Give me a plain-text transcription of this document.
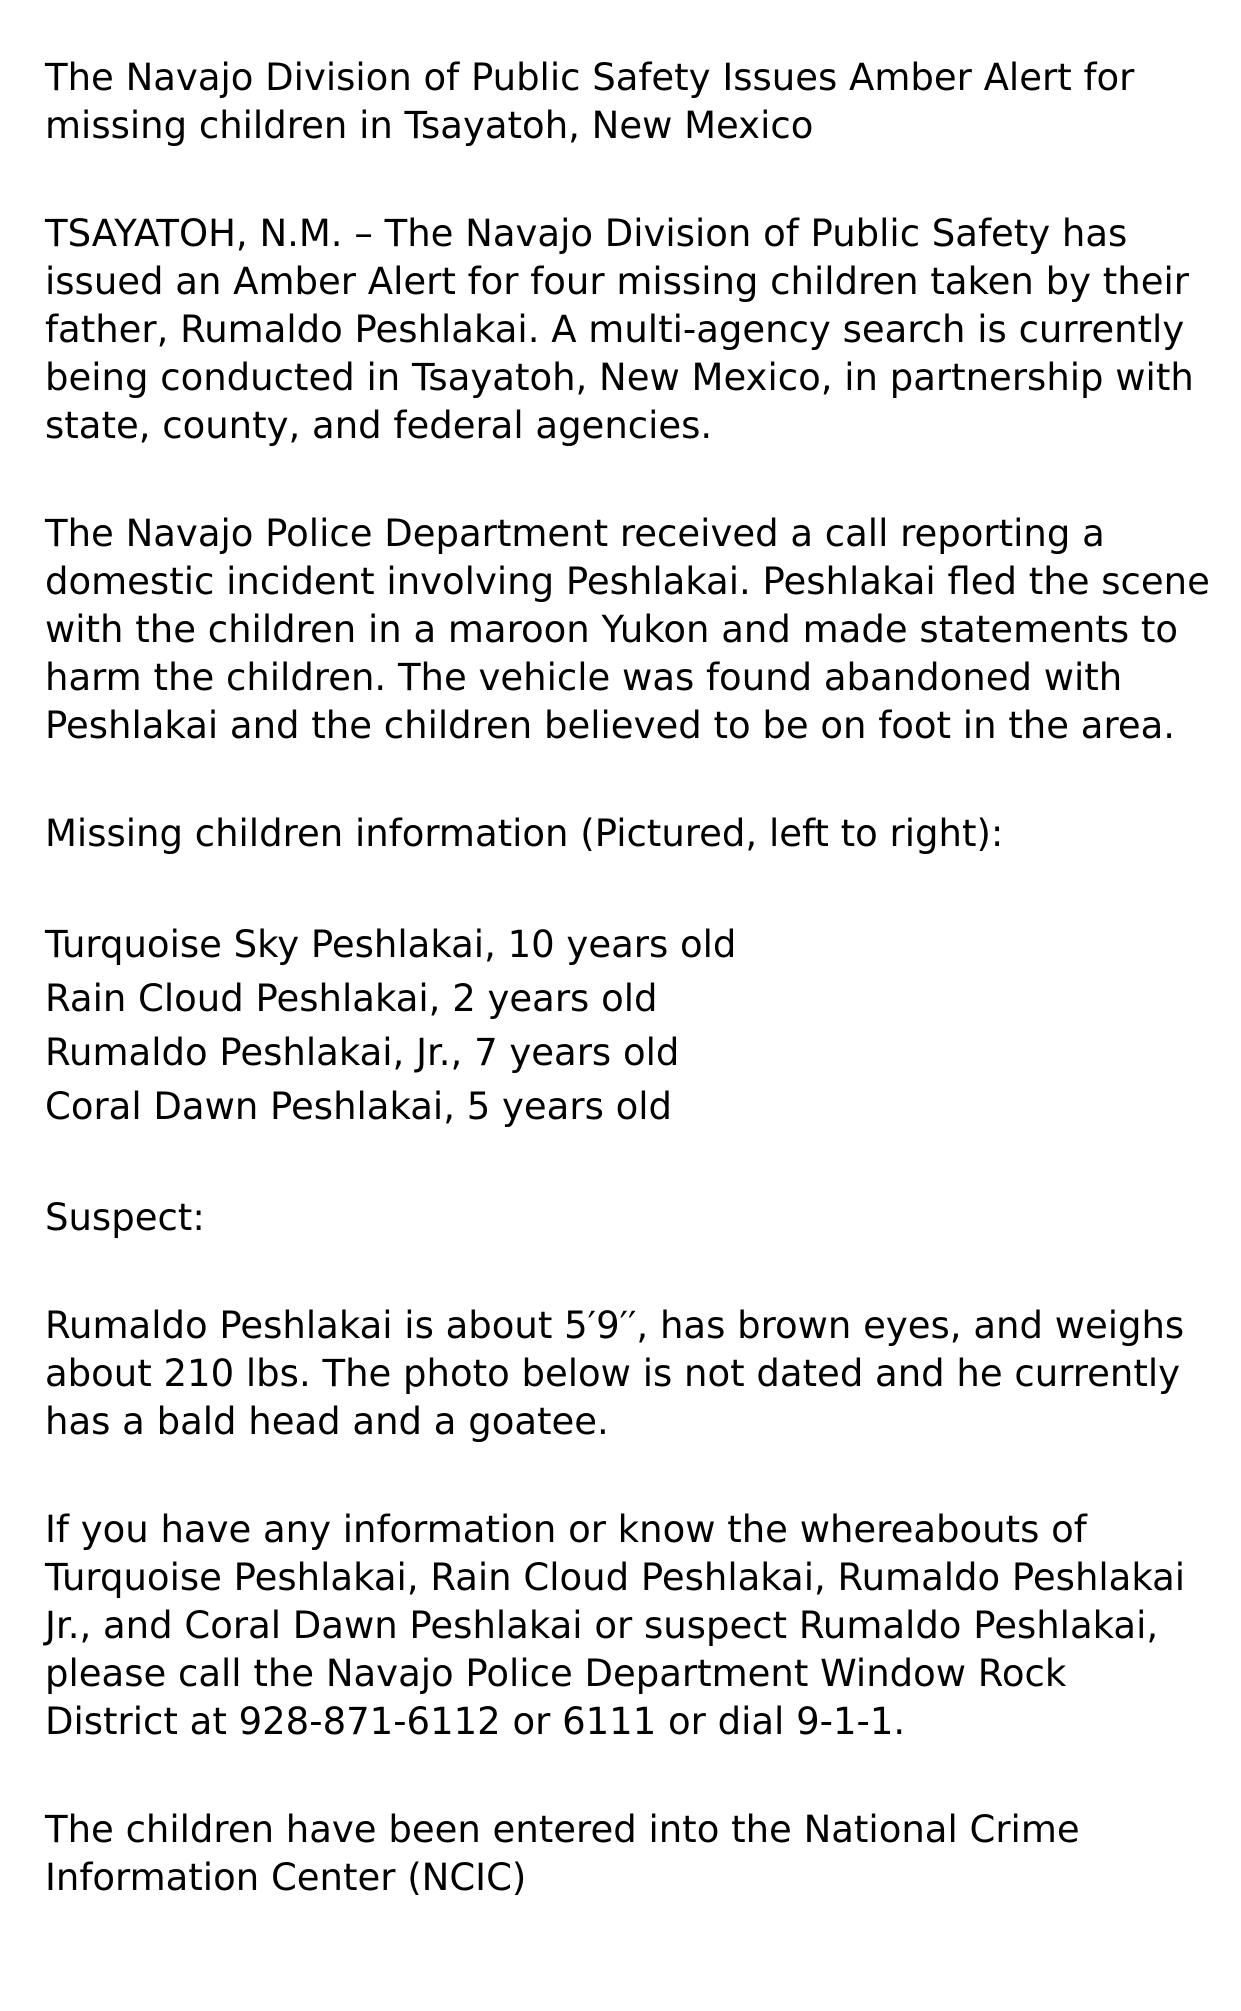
The Navajo Division of Public Safety Issues Amber Alert for missing children in Tsayatoh, New Mexico

TSAYATOH, N.M. – The Navajo Division of Public Safety has issued an Amber Alert for four missing children taken by their father, Rumaldo Peshlakai. A multi-agency search is currently being conducted in Tsayatoh, New Mexico, in partnership with state, county, and federal agencies.

The Navajo Police Department received a call reporting a domestic incident involving Peshlakai. Peshlakai fled the scene with the children in a maroon Yukon and made statements to harm the children. The vehicle was found abandoned with Peshlakai and the children believed to be on foot in the area.

Missing children information (Pictured, left to right):

Turquoise Sky Peshlakai, 10 years old
Rain Cloud Peshlakai, 2 years old
Rumaldo Peshlakai, Jr., 7 years old
Coral Dawn Peshlakai, 5 years old

Suspect:

Rumaldo Peshlakai is about 5′9′′, has brown eyes, and weighs about 210 lbs. The photo below is not dated and he currently has a bald head and a goatee.

If you have any information or know the whereabouts of Turquoise Peshlakai, Rain Cloud Peshlakai, Rumaldo Peshlakai Jr., and Coral Dawn Peshlakai or suspect Rumaldo Peshlakai, please call the Navajo Police Department Window Rock District at 928-871-6112 or 6111 or dial 9-1-1.

The children have been entered into the National Crime Information Center (NCIC)
